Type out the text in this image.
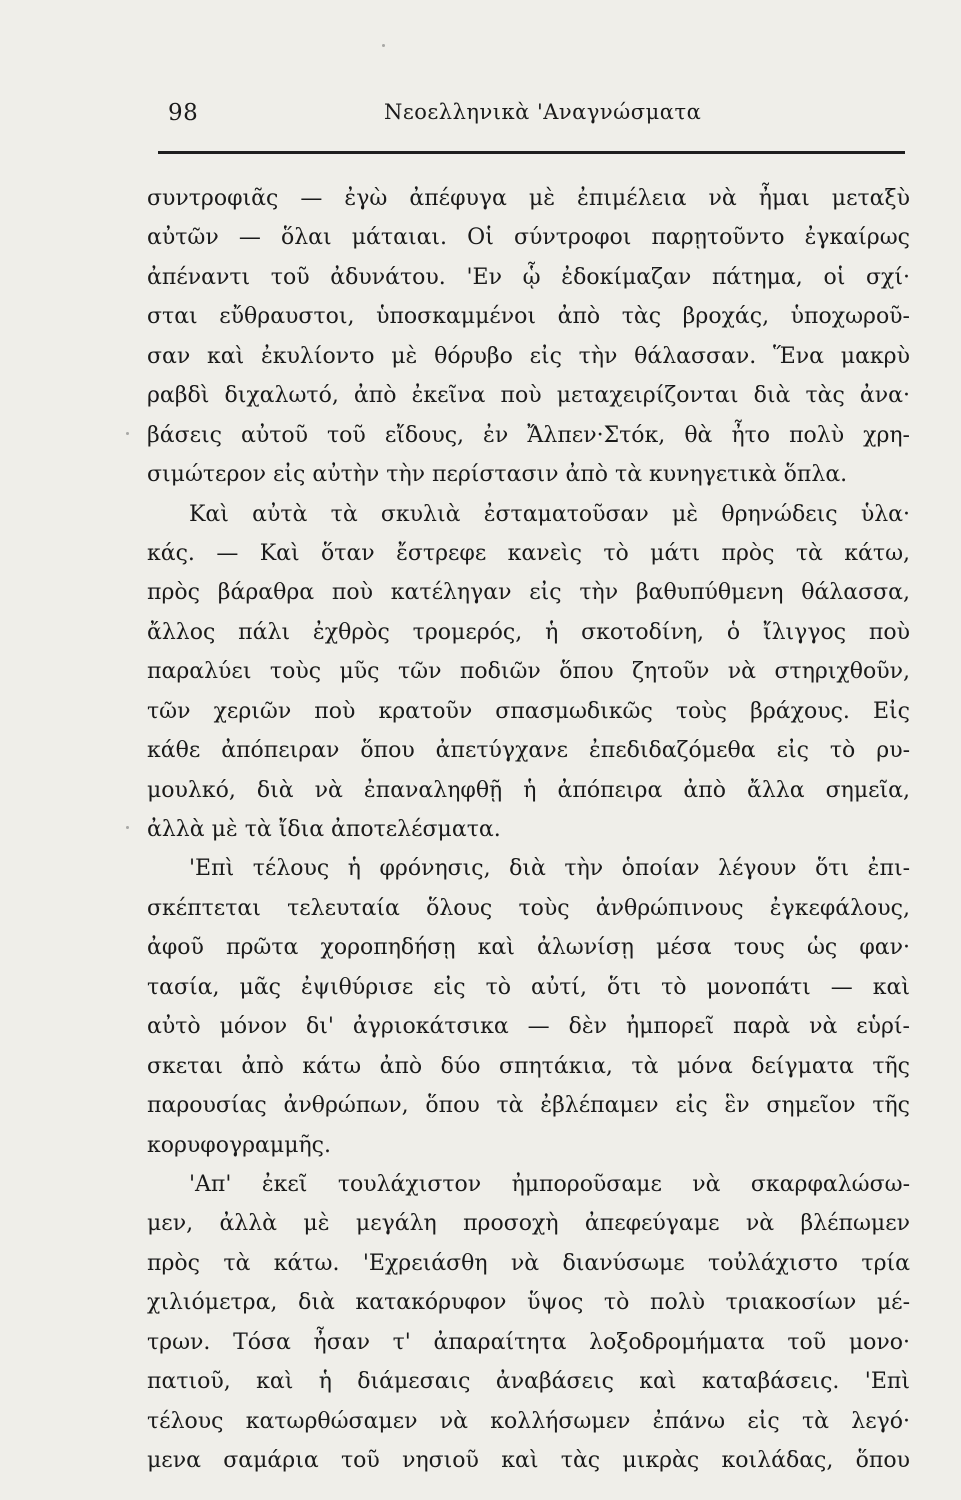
98	Νεοελληνικὰ 'Αναγνώσματα
συντροφιᾶς — ἐγὼ ἀπέφυγα μὲ ἐπιμέλεια νὰ ἦμαι μεταξὺ
αὐτῶν — ὅλαι μάταιαι. Οἱ σύντροφοι παρῃτοῦντο ἐγκαίρως
ἀπέναντι τοῦ ἀδυνάτου. 'Εν ᾧ ἐδοκίμαζαν πάτημα, οἱ σχί·
σται εὔθραυστοι, ὑποσκαμμένοι ἀπὸ τὰς βροχάς, ὑποχωροῦ-
σαν καὶ ἐκυλίοντο μὲ θόρυβο εἰς τὴν θάλασσαν. Ἕνα μακρὺ
ραβδὶ διχαλωτό, ἀπὸ ἐκεῖνα ποὺ μεταχειρίζονται διὰ τὰς ἀνα·
βάσεις αὐτοῦ τοῦ εἴδους, ἐν Ἄλπεν·Στόκ, θὰ ἦτο πολὺ χρη-
σιμώτερον εἰς αὐτὴν τὴν περίστασιν ἀπὸ τὰ κυνηγετικὰ ὅπλα.
Καὶ αὐτὰ τὰ σκυλιὰ ἐσταματοῦσαν μὲ θρηνώδεις ὑλα·
κάς. — Καὶ ὅταν ἔστρεφε κανεὶς τὸ μάτι πρὸς τὰ κάτω,
πρὸς βάραθρα ποὺ κατέληγαν εἰς τὴν βαθυπύθμενη θάλασσα,
ἄλλος πάλι ἐχθρὸς τρομερός, ἡ σκοτοδίνη, ὁ ἴλιγγος ποὺ
παραλύει τοὺς μῦς τῶν ποδιῶν ὅπου ζητοῦν νὰ στηριχθοῦν,
τῶν χεριῶν ποὺ κρατοῦν σπασμωδικῶς τοὺς βράχους. Εἰς
κάθε ἀπόπειραν ὅπου ἀπετύγχανε ἐπεδιδαζόμεθα εἰς τὸ ρυ-
μουλκό, διὰ νὰ ἐπαναληφθῇ ἡ ἀπόπειρα ἀπὸ ἄλλα σημεῖα,
ἀλλὰ μὲ τὰ ἴδια ἀποτελέσματα.
'Επὶ τέλους ἡ φρόνησις, διὰ τὴν ὁποίαν λέγουν ὅτι ἐπι-
σκέπτεται τελευταία ὅλους τοὺς ἀνθρώπινους ἐγκεφάλους,
ἀφοῦ πρῶτα χοροπηδήσῃ καὶ ἀλωνίσῃ μέσα τους ὡς φαν·
τασία, μᾶς ἐψιθύρισε εἰς τὸ αὐτί, ὅτι τὸ μονοπάτι — καὶ
αὐτὸ μόνον δι' ἀγριοκάτσικα — δὲν ἠμπορεῖ παρὰ νὰ εὑρί-
σκεται ἀπὸ κάτω ἀπὸ δύο σπητάκια, τὰ μόνα δείγματα τῆς
παρουσίας ἀνθρώπων, ὅπου τὰ ἐβλέπαμεν εἰς ἓν σημεῖον τῆς
κορυφογραμμῆς.
'Απ' ἐκεῖ τουλάχιστον ἠμποροῦσαμε νὰ σκαρφαλώσω-
μεν, ἀλλὰ μὲ μεγάλη προσοχὴ ἀπεφεύγαμε νὰ βλέπωμεν
πρὸς τὰ κάτω. 'Εχρειάσθη νὰ διανύσωμε τοὐλάχιστο τρία
χιλιόμετρα, διὰ κατακόρυφον ὕψος τὸ πολὺ τριακοσίων μέ-
τρων. Τόσα ἦσαν τ' ἀπαραίτητα λοξοδρομήματα τοῦ μονο·
πατιοῦ, καὶ ἡ διάμεσαις ἀναβάσεις καὶ καταβάσεις. 'Επὶ
τέλους κατωρθώσαμεν νὰ κολλήσωμεν ἐπάνω εἰς τὰ λεγό·
μενα σαμάρια τοῦ νησιοῦ καὶ τὰς μικρὰς κοιλάδας, ὅπου
